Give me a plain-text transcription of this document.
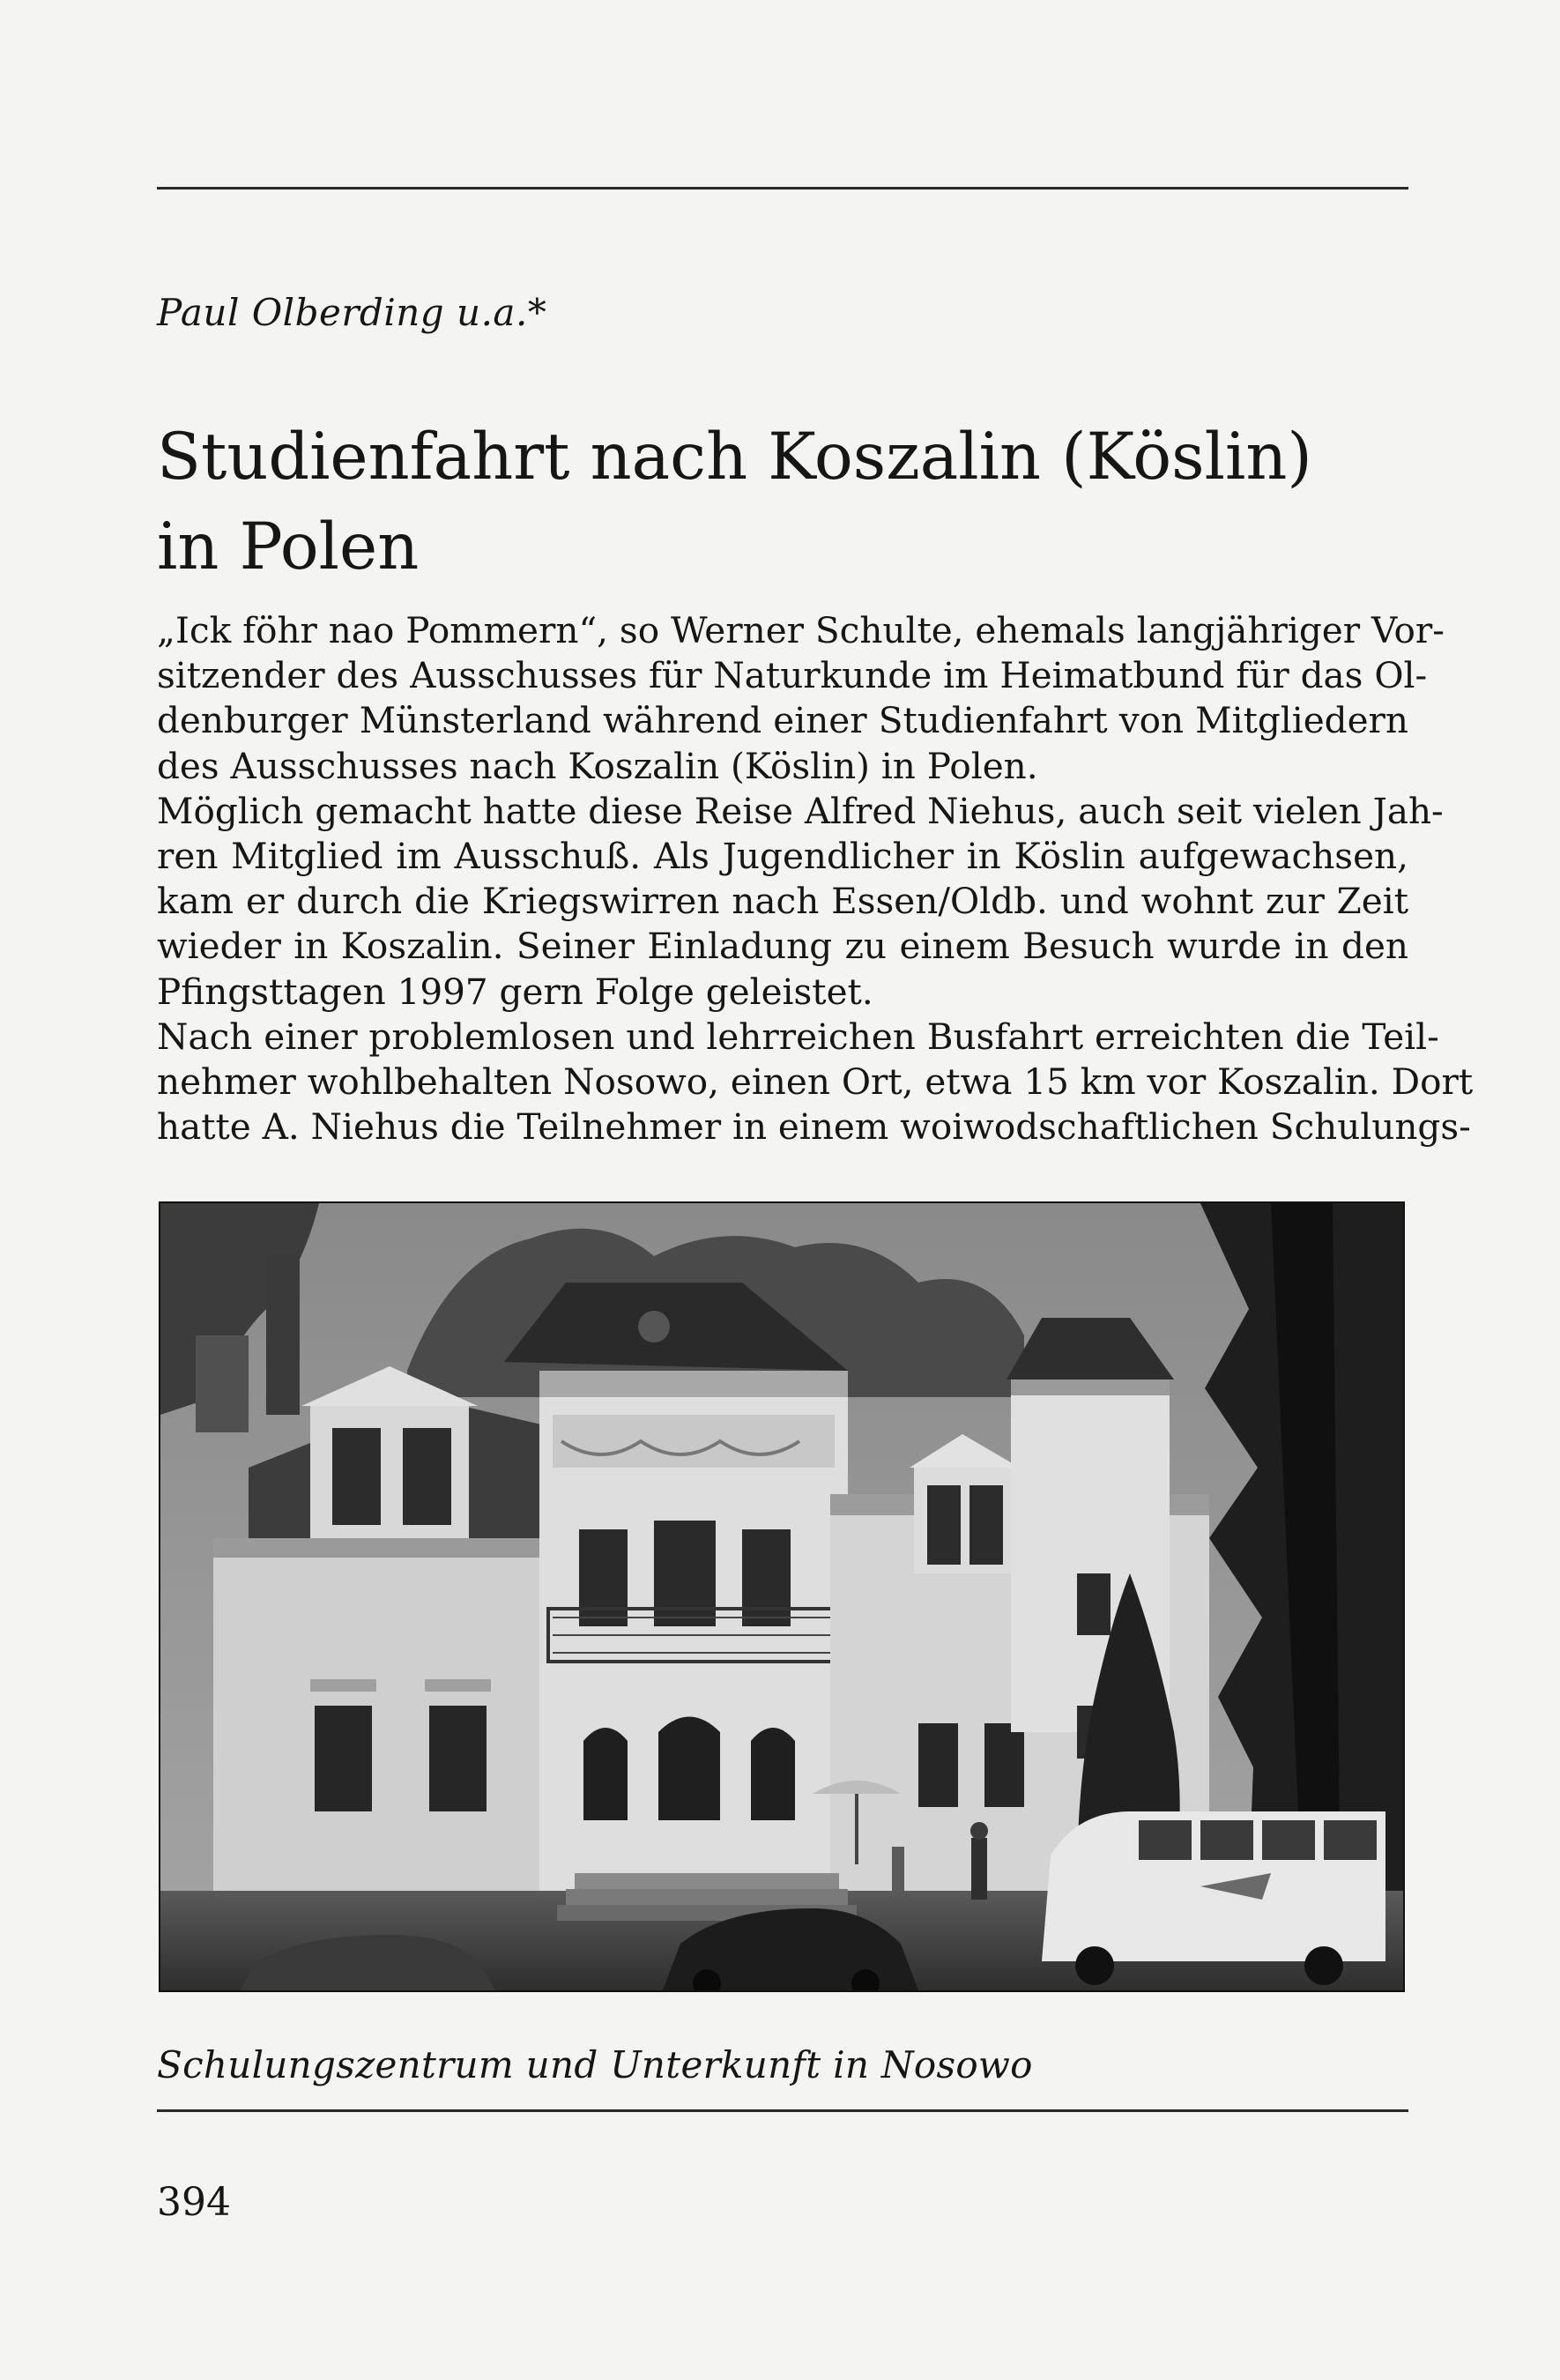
Paul Olberding u.a.*
Studienfahrt nach Koszalin (Köslin)
in Polen
„Ick föhr nao Pommern“, so Werner Schulte, ehemals langjähriger Vor-
sitzender des Ausschusses für Naturkunde im Heimatbund für das Ol-
denburger Münsterland während einer Studienfahrt von Mitgliedern
des Ausschusses nach Koszalin (Köslin) in Polen.
Möglich gemacht hatte diese Reise Alfred Niehus, auch seit vielen Jah-
ren Mitglied im Ausschuß. Als Jugendlicher in Köslin aufgewachsen,
kam er durch die Kriegswirren nach Essen/Oldb. und wohnt zur Zeit
wieder in Koszalin. Seiner Einladung zu einem Besuch wurde in den
Pfingsttagen 1997 gern Folge geleistet.
Nach einer problemlosen und lehrreichen Busfahrt erreichten die Teil-
nehmer wohlbehalten Nosowo, einen Ort, etwa 15 km vor Koszalin. Dort
hatte A. Niehus die Teilnehmer in einem woiwodschaftlichen Schulungs-
Schulungszentrum und Unterkunft in Nosowo
394
